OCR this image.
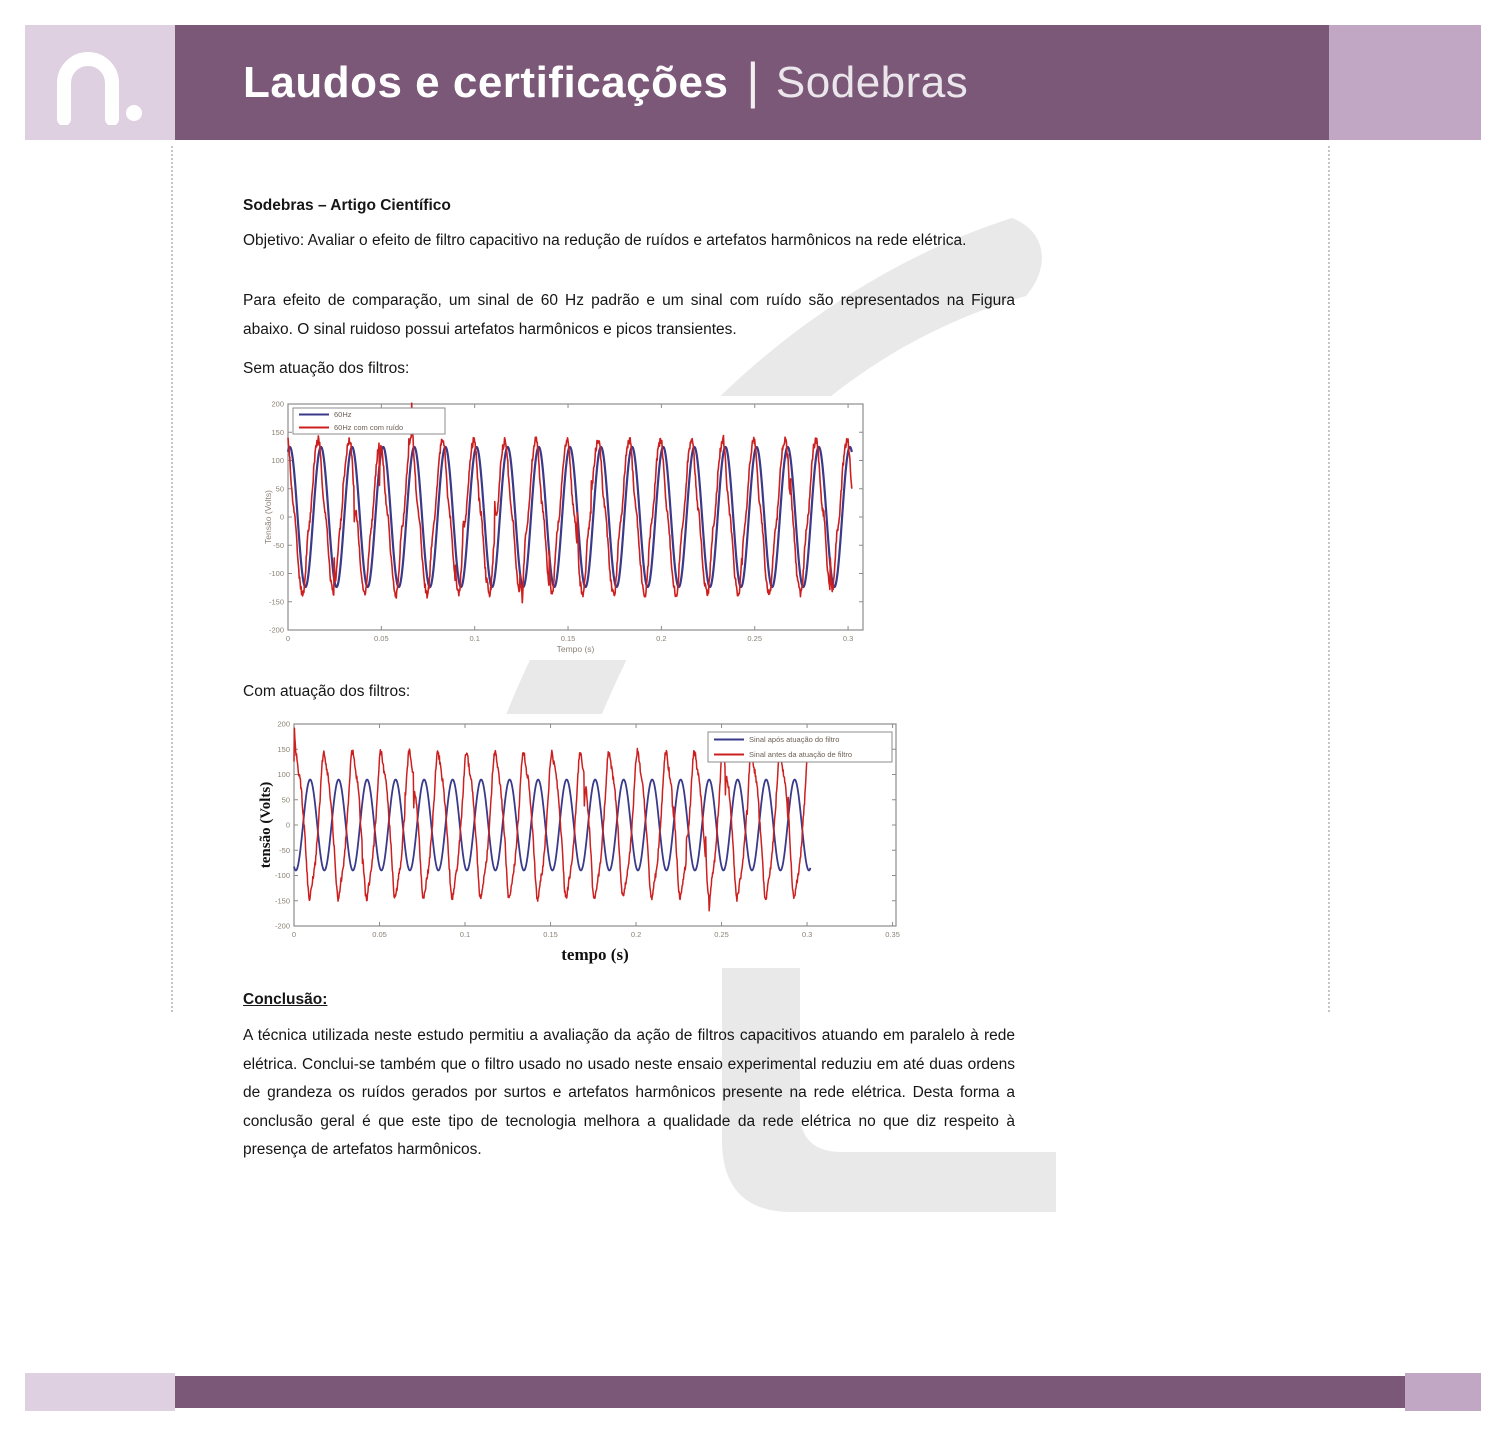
Laudos e certificações | Sodebras
Sodebras – Artigo Científico
Objetivo: Avaliar o efeito de filtro capacitivo na redução de ruídos e artefatos harmônicos na rede elétrica.
Para efeito de comparação, um sinal de 60 Hz padrão e um sinal com ruído são representados na Figura abaixo. O sinal ruidoso possui artefatos harmônicos e picos transientes.
Sem atuação dos filtros:
0	0.05	0.1	0.15	0.2	0.25	0.3
200
150
100
50
0
-50
-100
-150
-200
Tempo (s)
Tensão (Volts)
60Hz
60Hz com com ruído
Com atuação dos filtros:
0	0.05	0.1	0.15	0.2	0.25	0.3	0.35
200
150
100
50
0
-50
-100
-150
-200
tempo (s)
tensão (Volts)
Sinal após atuação do filtro
Sinal antes da atuação de filtro
Conclusão:
A técnica utilizada neste estudo permitiu a avaliação da ação de filtros capacitivos atuando em paralelo à rede elétrica. Conclui-se também que o filtro usado no usado neste ensaio experimental reduziu em até duas ordens de grandeza os ruídos gerados por surtos e artefatos harmônicos presente na rede elétrica. Desta forma a conclusão geral é que este tipo de tecnologia melhora a qualidade da rede elétrica no que diz respeito à presença de artefatos harmônicos.
